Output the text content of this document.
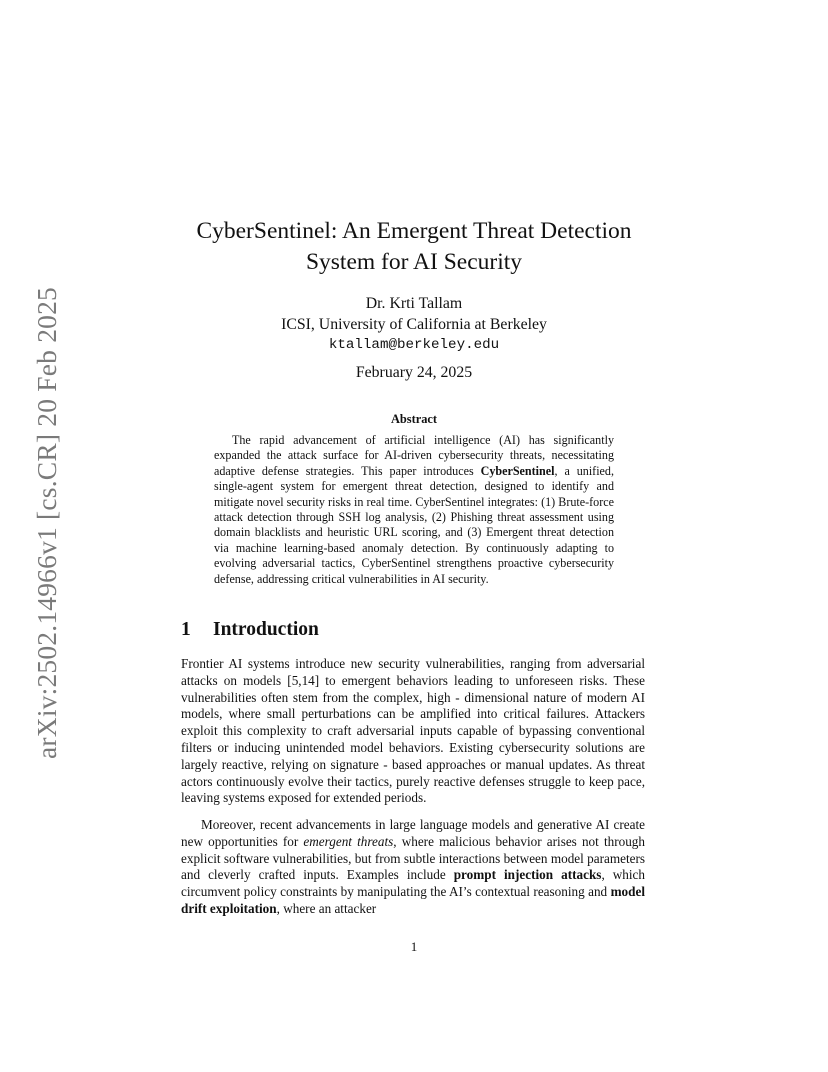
arXiv:2502.14966v1 [cs.CR] 20 Feb 2025
CyberSentinel: An Emergent Threat Detection
System for AI Security
Dr. Krti Tallam
ICSI, University of California at Berkeley
ktallam@berkeley.edu
February 24, 2025
Abstract

The rapid advancement of artificial intelligence (AI) has significantly expanded the attack surface for AI-driven cybersecurity threats, necessitating adaptive defense strategies. This paper introduces CyberSentinel, a unified, single-agent system for emergent threat detection, designed to identify and mitigate novel security risks in real time. CyberSentinel integrates: (1) Brute-force attack detection through SSH log analysis, (2) Phishing threat assessment using domain blacklists and heuristic URL scoring, and (3) Emergent threat detection via machine learning-based anomaly detection. By continuously adapting to evolving adversarial tactics, CyberSentinel strengthens proactive cybersecurity defense, addressing critical vulnerabilities in AI security.

1 Introduction

Frontier AI systems introduce new security vulnerabilities, ranging from adversarial attacks on models [5,14] to emergent behaviors leading to unforeseen risks. These vulnerabilities often stem from the complex, high - dimensional nature of modern AI models, where small perturbations can be amplified into critical failures. Attackers exploit this complexity to craft adversarial inputs capable of bypassing conventional filters or inducing unintended model behaviors. Existing cybersecurity solutions are largely reactive, relying on signature - based approaches or manual updates. As threat actors continuously evolve their tactics, purely reactive defenses struggle to keep pace, leaving systems exposed for extended periods.

Moreover, recent advancements in large language models and generative AI create new opportunities for emergent threats, where malicious behavior arises not through explicit software vulnerabilities, but from subtle interactions between model parameters and cleverly crafted inputs. Examples include prompt injection attacks, which circumvent policy constraints by manipulating the AI’s contextual reasoning and model drift exploitation, where an attacker

1
